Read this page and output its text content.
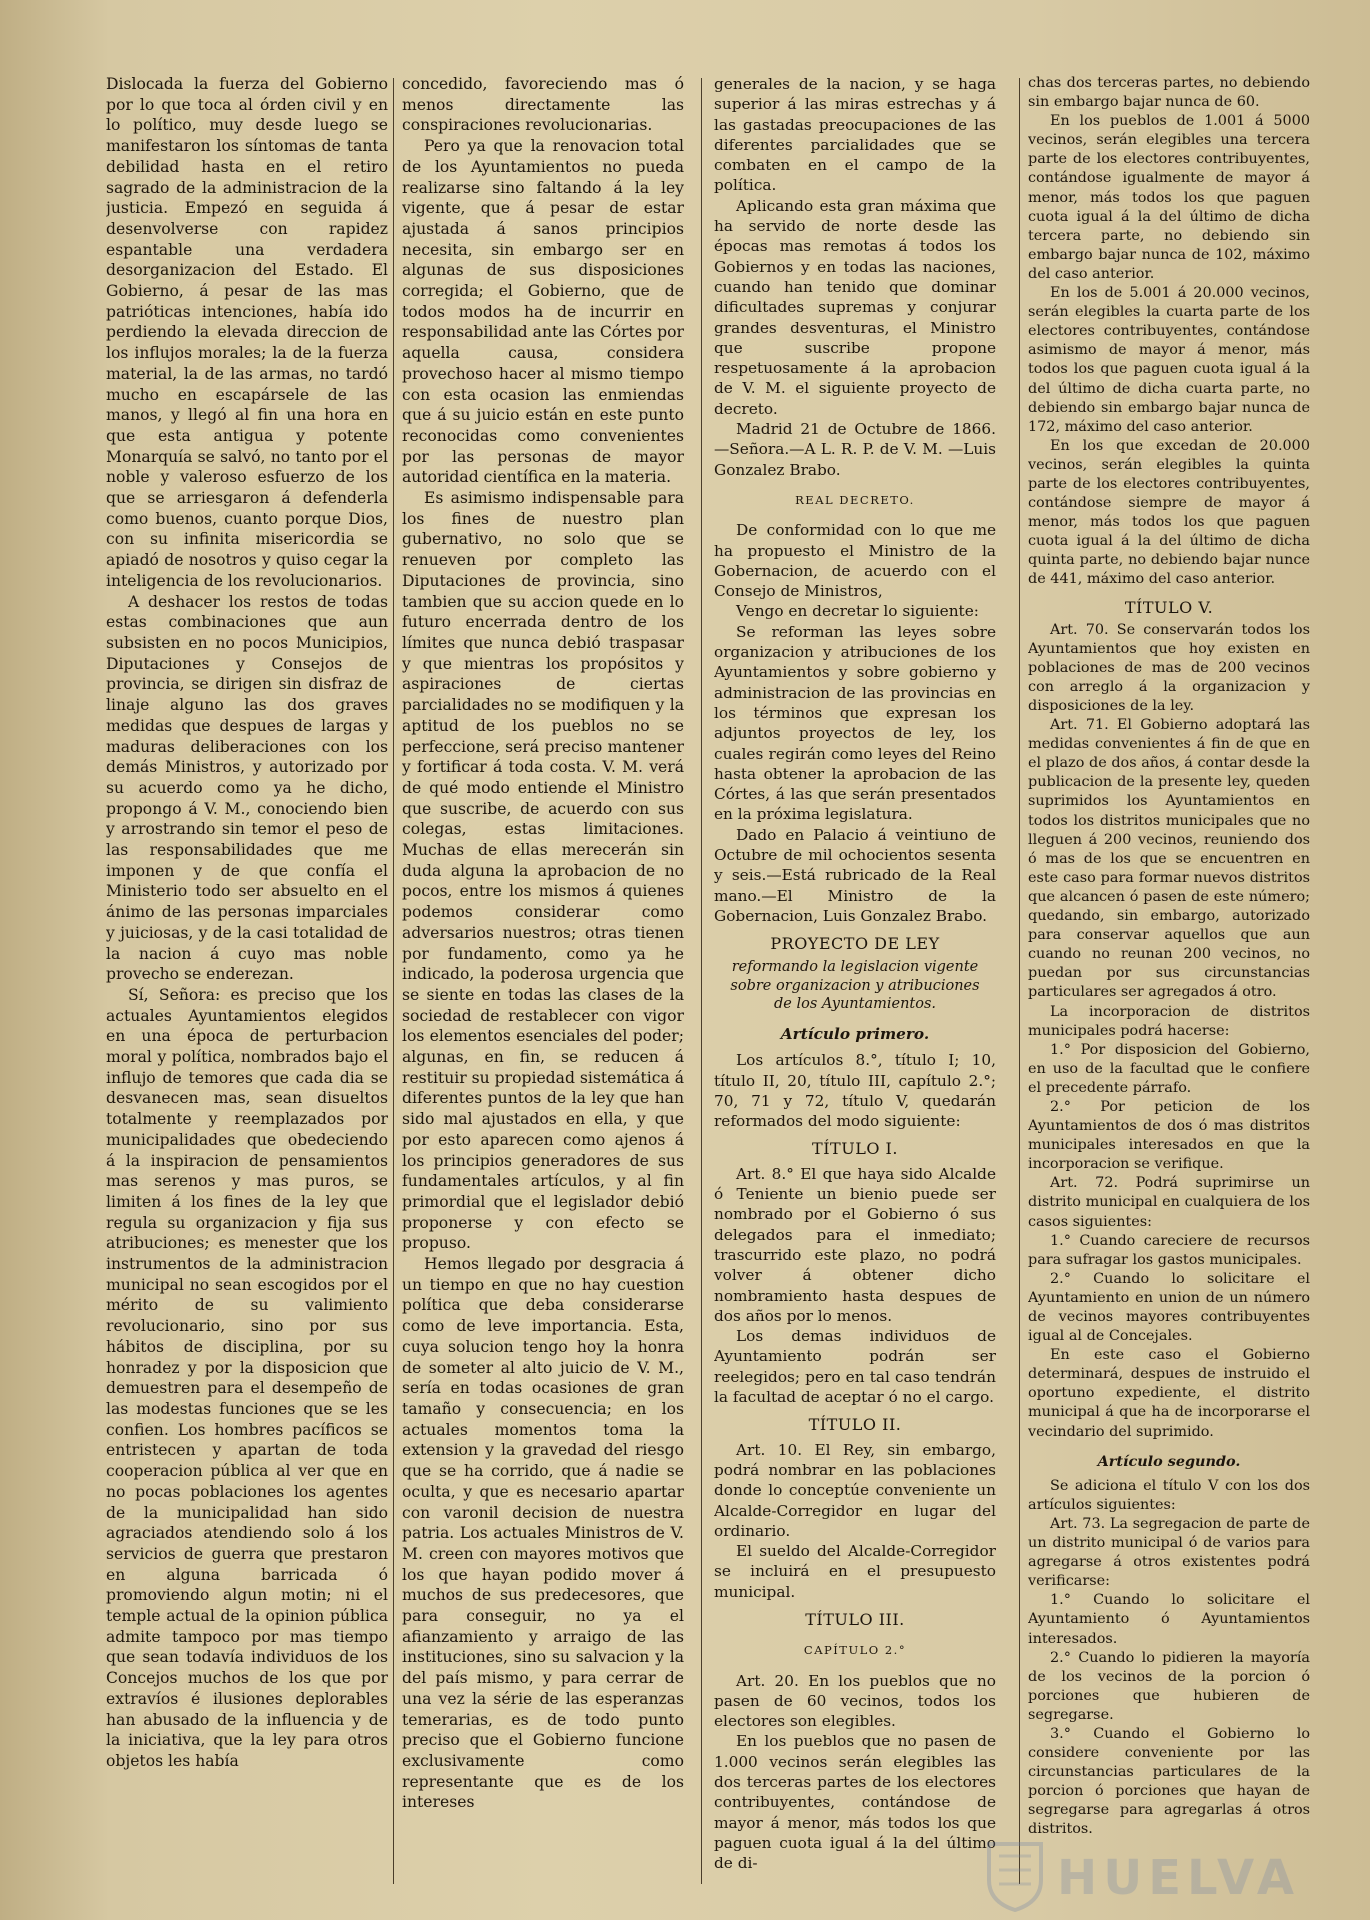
Dislocada la fuerza del Gobierno por lo que toca al órden civil y en lo político, muy desde luego se manifestaron los síntomas de tanta debilidad hasta en el retiro sagrado de la administracion de la justicia. Empezó en seguida á desenvolverse con rapidez espantable una verdadera desorganizacion del Estado. El Gobierno, á pesar de las mas patrióticas intenciones, había ido perdiendo la elevada direccion de los influjos morales; la de la fuerza material, la de las armas, no tardó mucho en escapársele de las manos, y llegó al fin una hora en que esta antigua y potente Monarquía se salvó, no tanto por el noble y valeroso esfuerzo de los que se arriesgaron á defenderla como buenos, cuanto porque Dios, con su infinita misericordia se apiadó de nosotros y quiso cegar la inteligencia de los revolucionarios.

A deshacer los restos de todas estas combinaciones que aun subsisten en no pocos Municipios, Diputaciones y Consejos de provincia, se dirigen sin disfraz de linaje alguno las dos graves medidas que despues de largas y maduras deliberaciones con los demás Ministros, y autorizado por su acuerdo como ya he dicho, propongo á V. M., conociendo bien y arrostrando sin temor el peso de las responsabilidades que me imponen y de que confía el Ministerio todo ser absuelto en el ánimo de las personas imparciales y juiciosas, y de la casi totalidad de la nacion á cuyo mas noble provecho se enderezan.

Sí, Señora: es preciso que los actuales Ayuntamientos elegidos en una época de perturbacion moral y política, nombrados bajo el influjo de temores que cada dia se desvanecen mas, sean disueltos totalmente y reemplazados por municipalidades que obedeciendo á la inspiracion de pensamientos mas serenos y mas puros, se limiten á los fines de la ley que regula su organizacion y fija sus atribuciones; es menester que los instrumentos de la administracion municipal no sean escogidos por el mérito de su valimiento revolucionario, sino por sus hábitos de disciplina, por su honradez y por la disposicion que demuestren para el desempeño de las modestas funciones que se les confien. Los hombres pacíficos se entristecen y apartan de toda cooperacion pública al ver que en no pocas poblaciones los agentes de la municipalidad han sido agraciados atendiendo solo á los servicios de guerra que prestaron en alguna barricada ó promoviendo algun motin; ni el temple actual de la opinion pública admite tampoco por mas tiempo que sean todavía individuos de los Concejos muchos de los que por extravíos é ilusiones deplorables han abusado de la influencia y de la iniciativa, que la ley para otros objetos les había

concedido, favoreciendo mas ó menos directamente las conspiraciones revolucionarias.

Pero ya que la renovacion total de los Ayuntamientos no pueda realizarse sino faltando á la ley vigente, que á pesar de estar ajustada á sanos principios necesita, sin embargo ser en algunas de sus disposiciones corregida; el Gobierno, que de todos modos ha de incurrir en responsabilidad ante las Córtes por aquella causa, considera provechoso hacer al mismo tiempo con esta ocasion las enmiendas que á su juicio están en este punto reconocidas como convenientes por las personas de mayor autoridad científica en la materia.

Es asimismo indispensable para los fines de nuestro plan gubernativo, no solo que se renueven por completo las Diputaciones de provincia, sino tambien que su accion quede en lo futuro encerrada dentro de los límites que nunca debió traspasar y que mientras los propósitos y aspiraciones de ciertas parcialidades no se modifiquen y la aptitud de los pueblos no se perfeccione, será preciso mantener y fortificar á toda costa. V. M. verá de qué modo entiende el Ministro que suscribe, de acuerdo con sus colegas, estas limitaciones. Muchas de ellas merecerán sin duda alguna la aprobacion de no pocos, entre los mismos á quienes podemos considerar como adversarios nuestros; otras tienen por fundamento, como ya he indicado, la poderosa urgencia que se siente en todas las clases de la sociedad de restablecer con vigor los elementos esenciales del poder; algunas, en fin, se reducen á restituir su propiedad sistemática á diferentes puntos de la ley que han sido mal ajustados en ella, y que por esto aparecen como ajenos á los principios generadores de sus fundamentales artículos, y al fin primordial que el legislador debió proponerse y con efecto se propuso.

Hemos llegado por desgracia á un tiempo en que no hay cuestion política que deba considerarse como de leve importancia. Esta, cuya solucion tengo hoy la honra de someter al alto juicio de V. M., sería en todas ocasiones de gran tamaño y consecuencia; en los actuales momentos toma la extension y la gravedad del riesgo que se ha corrido, que á nadie se oculta, y que es necesario apartar con varonil decision de nuestra patria. Los actuales Ministros de V. M. creen con mayores motivos que los que hayan podido mover á muchos de sus predecesores, que para conseguir, no ya el afianzamiento y arraigo de las instituciones, sino su salvacion y la del país mismo, y para cerrar de una vez la série de las esperanzas temerarias, es de todo punto preciso que el Gobierno funcione exclusivamente como representante que es de los intereses

generales de la nacion, y se haga superior á las miras estrechas y á las gastadas preocupaciones de las diferentes parcialidades que se combaten en el campo de la política.

Aplicando esta gran máxima que ha servido de norte desde las épocas mas remotas á todos los Gobiernos y en todas las naciones, cuando han tenido que dominar dificultades supremas y conjurar grandes desventuras, el Ministro que suscribe propone respetuosamente á la aprobacion de V. M. el siguiente proyecto de decreto.

Madrid 21 de Octubre de 1866. —Señora.—A L. R. P. de V. M. —Luis Gonzalez Brabo.

REAL DECRETO.

De conformidad con lo que me ha propuesto el Ministro de la Gobernacion, de acuerdo con el Consejo de Ministros,

Vengo en decretar lo siguiente:

Se reforman las leyes sobre organizacion y atribuciones de los Ayuntamientos y sobre gobierno y administracion de las provincias en los términos que expresan los adjuntos proyectos de ley, los cuales regirán como leyes del Reino hasta obtener la aprobacion de las Córtes, á las que serán presentados en la próxima legislatura.

Dado en Palacio á veintiuno de Octubre de mil ochocientos sesenta y seis.—Está rubricado de la Real mano.—El Ministro de la Gobernacion, Luis Gonzalez Brabo.

PROYECTO DE LEY

reformando la legislacion vigente sobre organizacion y atribuciones de los Ayuntamientos.

Artículo primero.

Los artículos 8.°, título I; 10, título II, 20, título III, capítulo 2.°; 70, 71 y 72, título V, quedarán reformados del modo siguiente:

TÍTULO I.

Art. 8.° El que haya sido Alcalde ó Teniente un bienio puede ser nombrado por el Gobierno ó sus delegados para el inmediato; trascurrido este plazo, no podrá volver á obtener dicho nombramiento hasta despues de dos años por lo menos.

Los demas individuos de Ayuntamiento podrán ser reelegidos; pero en tal caso tendrán la facultad de aceptar ó no el cargo.

TÍTULO II.

Art. 10. El Rey, sin embargo, podrá nombrar en las poblaciones donde lo conceptúe conveniente un Alcalde-Corregidor en lugar del ordinario.

El sueldo del Alcalde-Corregidor se incluirá en el presupuesto municipal.

TÍTULO III.

CAPÍTULO 2.°

Art. 20. En los pueblos que no pasen de 60 vecinos, todos los electores son elegibles.

En los pueblos que no pasen de 1.000 vecinos serán elegibles las dos terceras partes de los electores contribuyentes, contándose de mayor á menor, más todos los que paguen cuota igual á la del último de di-

chas dos terceras partes, no debiendo sin embargo bajar nunca de 60.

En los pueblos de 1.001 á 5000 vecinos, serán elegibles una tercera parte de los electores contribuyentes, contándose igualmente de mayor á menor, más todos los que paguen cuota igual á la del último de dicha tercera parte, no debiendo sin embargo bajar nunca de 102, máximo del caso anterior.

En los de 5.001 á 20.000 vecinos, serán elegibles la cuarta parte de los electores contribuyentes, contándose asimismo de mayor á menor, más todos los que paguen cuota igual á la del último de dicha cuarta parte, no debiendo sin embargo bajar nunca de 172, máximo del caso anterior.

En los que excedan de 20.000 vecinos, serán elegibles la quinta parte de los electores contribuyentes, contándose siempre de mayor á menor, más todos los que paguen cuota igual á la del último de dicha quinta parte, no debiendo bajar nunce de 441, máximo del caso anterior.

TÍTULO V.

Art. 70. Se conservarán todos los Ayuntamientos que hoy existen en poblaciones de mas de 200 vecinos con arreglo á la organizacion y disposiciones de la ley.

Art. 71. El Gobierno adoptará las medidas convenientes á fin de que en el plazo de dos años, á contar desde la publicacion de la presente ley, queden suprimidos los Ayuntamientos en todos los distritos municipales que no lleguen á 200 vecinos, reuniendo dos ó mas de los que se encuentren en este caso para formar nuevos distritos que alcancen ó pasen de este número; quedando, sin embargo, autorizado para conservar aquellos que aun cuando no reunan 200 vecinos, no puedan por sus circunstancias particulares ser agregados á otro.

La incorporacion de distritos municipales podrá hacerse:

1.° Por disposicion del Gobierno, en uso de la facultad que le confiere el precedente párrafo.

2.° Por peticion de los Ayuntamientos de dos ó mas distritos municipales interesados en que la incorporacion se verifique.

Art. 72. Podrá suprimirse un distrito municipal en cualquiera de los casos siguientes:

1.° Cuando careciere de recursos para sufragar los gastos municipales.

2.° Cuando lo solicitare el Ayuntamiento en union de un número de vecinos mayores contribuyentes igual al de Concejales.

En este caso el Gobierno determinará, despues de instruido el oportuno expediente, el distrito municipal á que ha de incorporarse el vecindario del suprimido.

Artículo segundo.

Se adiciona el título V con los dos artículos siguientes:

Art. 73. La segregacion de parte de un distrito municipal ó de varios para agregarse á otros existentes podrá verificarse:

1.° Cuando lo solicitare el Ayuntamiento ó Ayuntamientos interesados.

2.° Cuando lo pidieren la mayoría de los vecinos de la porcion ó porciones que hubieren de segregarse.

3.° Cuando el Gobierno lo considere conveniente por las circunstancias particulares de la porcion ó porciones que hayan de segregarse para agregarlas á otros distritos.

HUELVA
